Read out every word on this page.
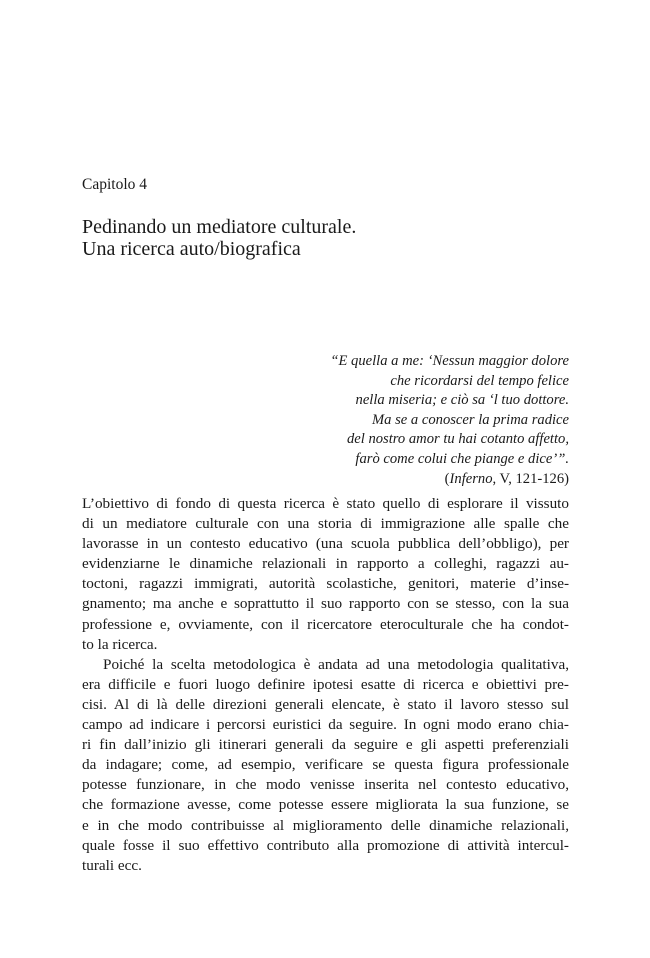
Capitolo 4
Pedinando un mediatore culturale.
Una ricerca auto/biografica
“E quella a me: ‘Nessun maggior dolore
che ricordarsi del tempo felice
nella miseria; e ciò sa ‘l tuo dottore.
Ma se a conoscer la prima radice
del nostro amor tu hai cotanto affetto,
farò come colui che piange e dice’”.
(Inferno, V, 121-126)

L’obiettivo di fondo di questa ricerca è stato quello di esplorare il vissuto
di un mediatore culturale con una storia di immigrazione alle spalle che
lavorasse in un contesto educativo (una scuola pubblica dell’obbligo), per
evidenziarne le dinamiche relazionali in rapporto a colleghi, ragazzi au-
toctoni, ragazzi immigrati, autorità scolastiche, genitori, materie d’inse-
gnamento; ma anche e soprattutto il suo rapporto con se stesso, con la sua
professione e, ovviamente, con il ricercatore eteroculturale che ha condot-
to la ricerca.

Poiché la scelta metodologica è andata ad una metodologia qualitativa,
era difficile e fuori luogo definire ipotesi esatte di ricerca e obiettivi pre-
cisi. Al di là delle direzioni generali elencate, è stato il lavoro stesso sul
campo ad indicare i percorsi euristici da seguire. In ogni modo erano chia-
ri fin dall’inizio gli itinerari generali da seguire e gli aspetti preferenziali
da indagare; come, ad esempio, verificare se questa figura professionale
potesse funzionare, in che modo venisse inserita nel contesto educativo,
che formazione avesse, come potesse essere migliorata la sua funzione, se
e in che modo contribuisse al miglioramento delle dinamiche relazionali,
quale fosse il suo effettivo contributo alla promozione di attività intercul-
turali ecc.
